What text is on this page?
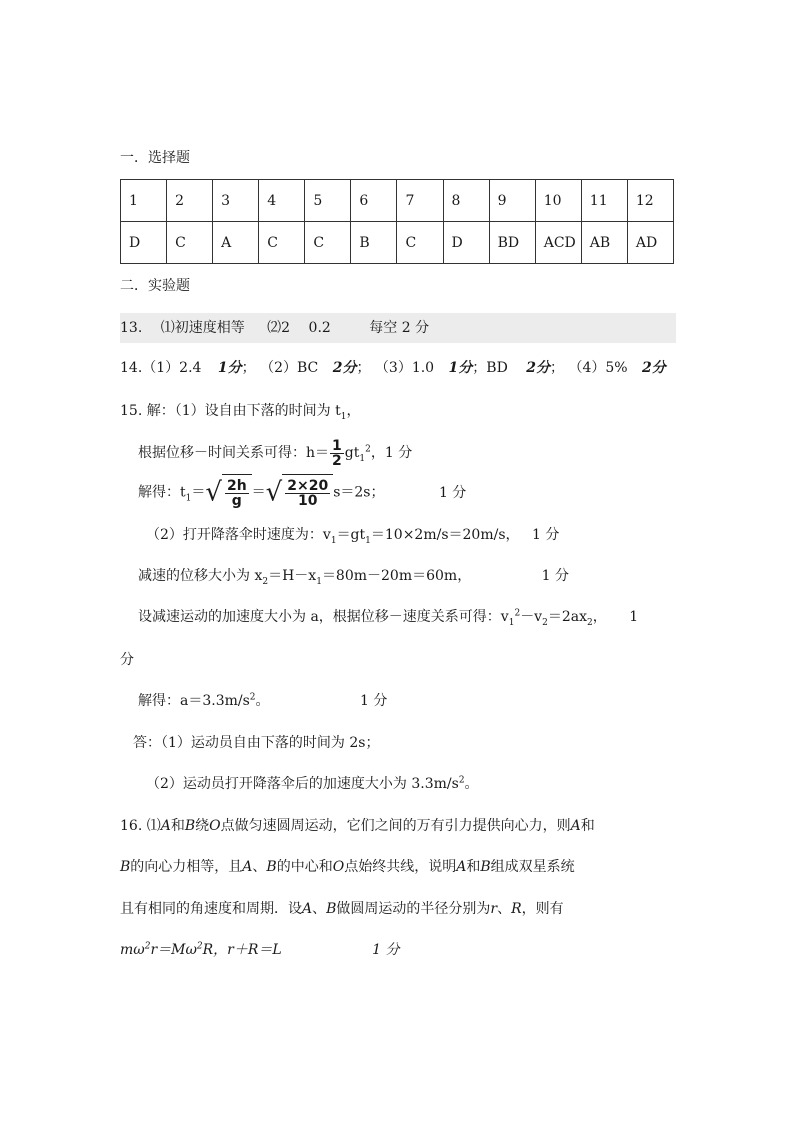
一．选择题
1	2	3	4	5	6	7	8	9	10	11	12
D	C	A	C	C	B	C	D	BD	ACD	AB	AD
二．实验题
13. ⑴初速度相等 ⑵2 0.2	每空 2 分
14.（1）2.4 1分； （2）BC 2分； （3）1.0 1分；BD 2分； （4）5% 2分
15. 解：（1）设自由下落的时间为 $t_1$，
根据位移－时间关系可得：$h= \frac{1}{2} gt_1^2$，1 分
解得：$t_1=√ \frac{2h}{g}$ ＝√ $\frac{2\times 20}{10} s=2s$；	1 分
（2）打开降落伞时速度为：$v_1=gt_1=10\times 2m/s=20m/s$， 1 分
减速的位移大小为 $x_2=H-x_1=80m-20m=60m$，	1 分
设减速运动的加速度大小为 a，根据位移－速度关系可得：$v_1^2-v_2=2ax_2$， 1
分
解得：$a=3.3m/s^2$。	1 分
答：（1）运动员自由下落的时间为 2s；
（2）运动员打开降落伞后的加速度大小为 $3.3m/s^2$。
16. ⑴A和B绕O点做匀速圆周运动，它们之间的万有引力提供向心力，则A和
B的向心力相等，且A、B的中心和O点始终共线，说明A和B组成双星系统
且有相同的角速度和周期．设A、B做圆周运动的半径分别为r、R，则有
$m\omega^2r=M\omega^2R$，r＋R＝L	1 分
